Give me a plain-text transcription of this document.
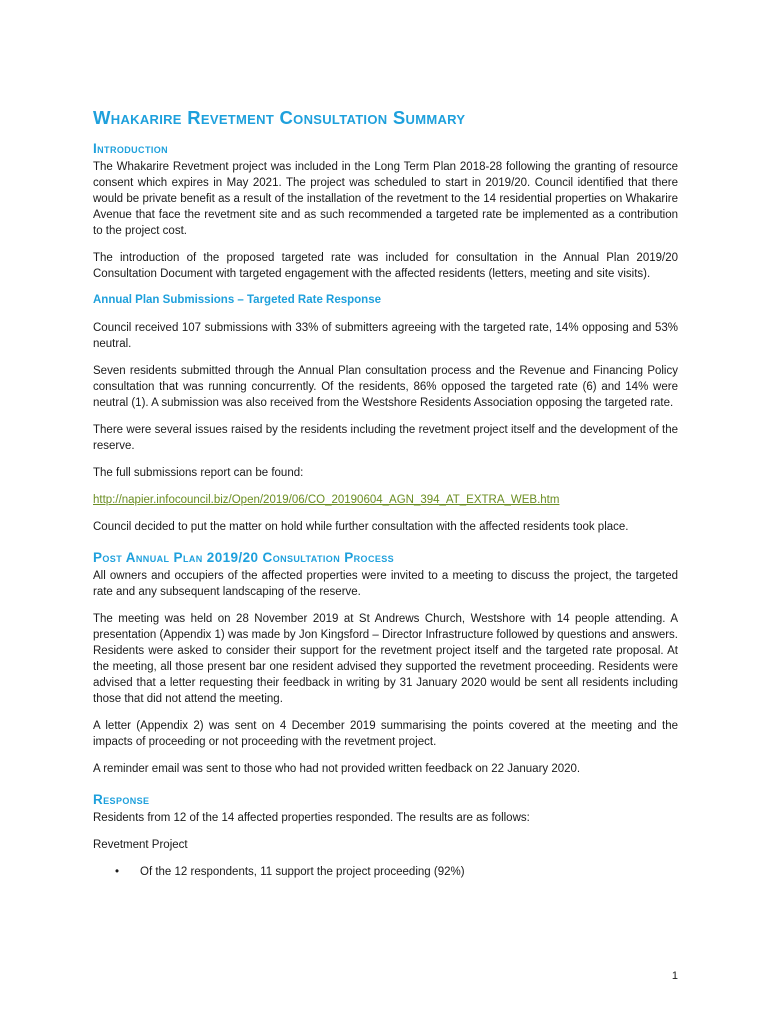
Whakarire Revetment Consultation Summary
Introduction

The Whakarire Revetment project was included in the Long Term Plan 2018-28 following the granting of resource consent which expires in May 2021. The project was scheduled to start in 2019/20. Council identified that there would be private benefit as a result of the installation of the revetment to the 14 residential properties on Whakarire Avenue that face the revetment site and as such recommended a targeted rate be implemented as a contribution to the project cost.

The introduction of the proposed targeted rate was included for consultation in the Annual Plan 2019/20 Consultation Document with targeted engagement with the affected residents (letters, meeting and site visits).

Annual Plan Submissions – Targeted Rate Response

Council received 107 submissions with 33% of submitters agreeing with the targeted rate, 14% opposing and 53% neutral.

Seven residents submitted through the Annual Plan consultation process and the Revenue and Financing Policy consultation that was running concurrently. Of the residents, 86% opposed the targeted rate (6) and 14% were neutral (1). A submission was also received from the Westshore Residents Association opposing the targeted rate.

There were several issues raised by the residents including the revetment project itself and the development of the reserve.

The full submissions report can be found:

http://napier.infocouncil.biz/Open/2019/06/CO_20190604_AGN_394_AT_EXTRA_WEB.htm

Council decided to put the matter on hold while further consultation with the affected residents took place.

Post Annual Plan 2019/20 Consultation Process

All owners and occupiers of the affected properties were invited to a meeting to discuss the project, the targeted rate and any subsequent landscaping of the reserve.

The meeting was held on 28 November 2019 at St Andrews Church, Westshore with 14 people attending. A presentation (Appendix 1) was made by Jon Kingsford – Director Infrastructure followed by questions and answers. Residents were asked to consider their support for the revetment project itself and the targeted rate proposal. At the meeting, all those present bar one resident advised they supported the revetment proceeding. Residents were advised that a letter requesting their feedback in writing by 31 January 2020 would be sent all residents including those that did not attend the meeting.

A letter (Appendix 2) was sent on 4 December 2019 summarising the points covered at the meeting and the impacts of proceeding or not proceeding with the revetment project.

A reminder email was sent to those who had not provided written feedback on 22 January 2020.

Response

Residents from 12 of the 14 affected properties responded. The results are as follows:

Revetment Project

• Of the 12 respondents, 11 support the project proceeding (92%)
1
